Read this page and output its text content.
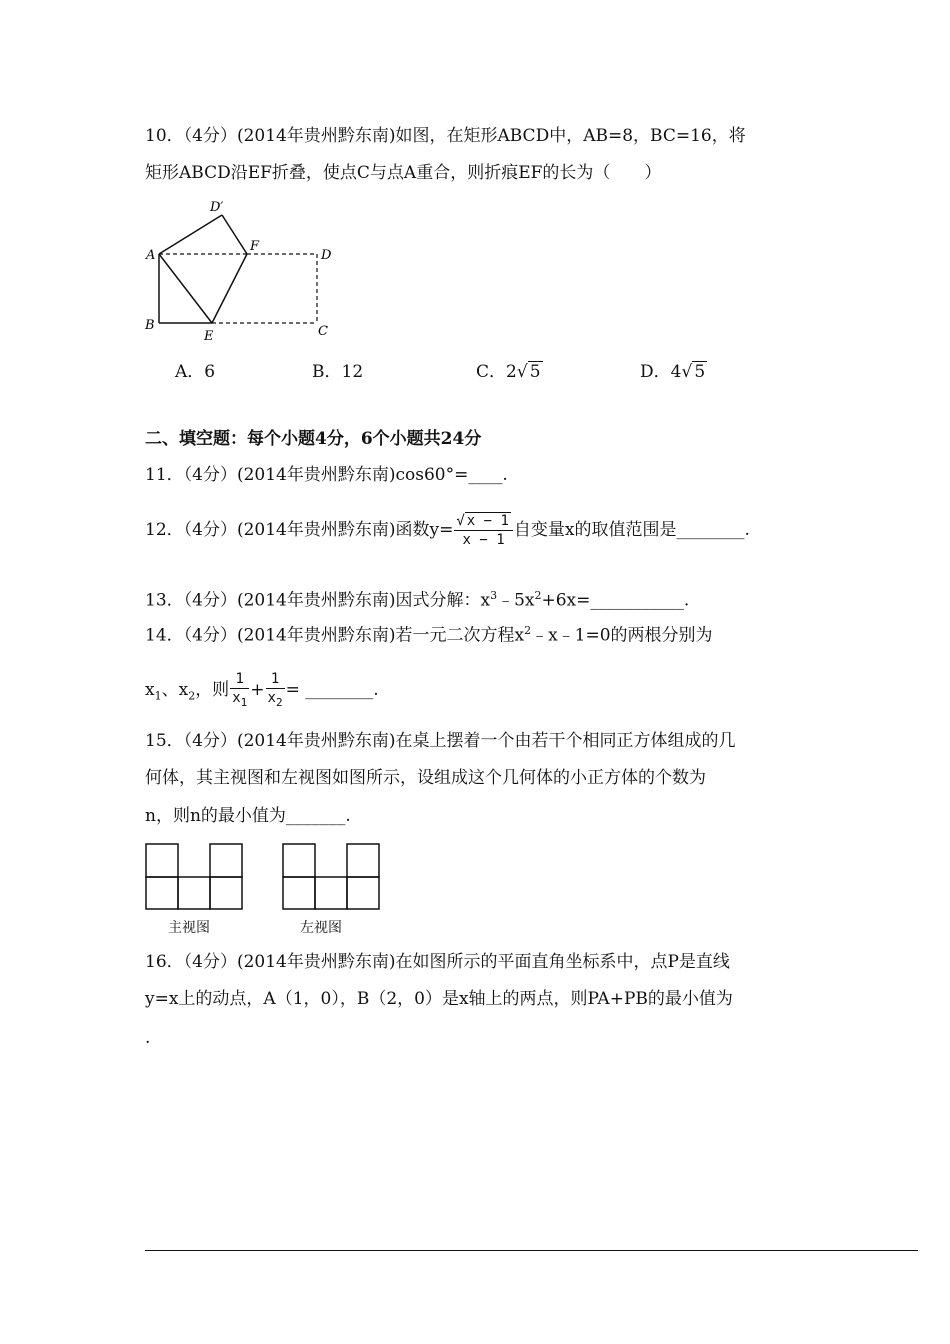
10．（4分）(2014年贵州黔东南)如图，在矩形ABCD中，AB=8，BC=16，将
矩形ABCD沿EF折叠，使点C与点A重合，则折痕EF的长为（　　）
D′
A
F
D
B
E	C
A．6	B．12	C．2√ 5	D．4√ 5
二、填空题：每个小题4分，6个小题共24分
11．（4分）(2014年贵州黔东南)cos60°=____.
12．（4分）(2014年贵州黔东南)函数$y= \frac{√ x - 1}{x - 1}$ 自变量x的取值范围是________.
13．（4分）(2014年贵州黔东南)因式分解：$x^3﹣5x^2+6x=\_\_\_\_\_\_\_\_\_\_\_$.
14．（4分）(2014年贵州黔东南)若一元二次方程$x^2﹣x﹣1=0$的两根分别为
$x_1$、$x_2$，则 $\frac{1}{x_1} + \frac{1}{x_2}$ = ________.
15．（4分）(2014年贵州黔东南)在桌上摆着一个由若干个相同正方体组成的几
何体，其主视图和左视图如图所示，设组成这个几何体的小正方体的个数为
n，则n的最小值为_______.
主视图	左视图
16．（4分）(2014年贵州黔东南)在如图所示的平面直角坐标系中，点P是直线
y=x上的动点，A（1，0），B（2，0）是x轴上的两点，则PA+PB的最小值为
.
